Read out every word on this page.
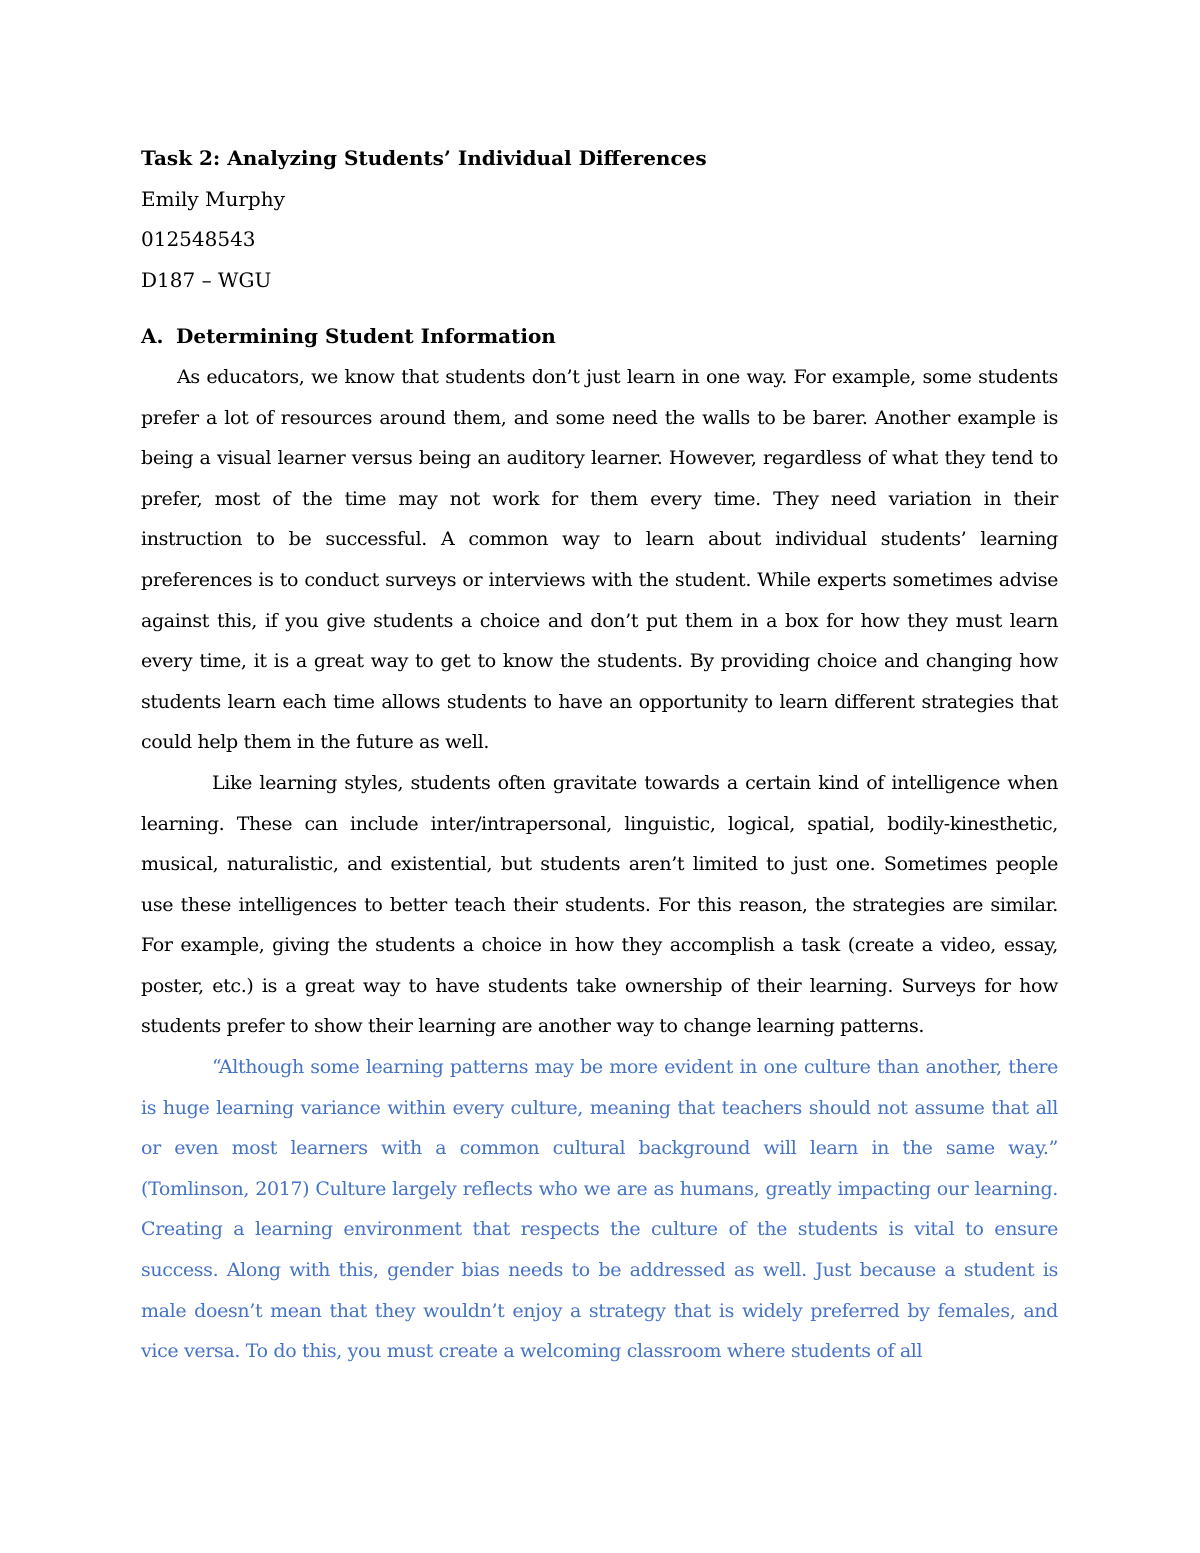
Task 2: Analyzing Students’ Individual Differences

Emily Murphy

012548543

D187 – WGU

A. Determining Student Information

As educators, we know that students don’t just learn in one way. For example, some students prefer a lot of resources around them, and some need the walls to be barer. Another example is being a visual learner versus being an auditory learner. However, regardless of what they tend to prefer, most of the time may not work for them every time. They need variation in their instruction to be successful. A common way to learn about individual students’ learning preferences is to conduct surveys or interviews with the student. While experts sometimes advise against this, if you give students a choice and don’t put them in a box for how they must learn every time, it is a great way to get to know the students. By providing choice and changing how students learn each time allows students to have an opportunity to learn different strategies that could help them in the future as well.

Like learning styles, students often gravitate towards a certain kind of intelligence when learning. These can include inter/intrapersonal, linguistic, logical, spatial, bodily-kinesthetic, musical, naturalistic, and existential, but students aren’t limited to just one. Sometimes people use these intelligences to better teach their students. For this reason, the strategies are similar. For example, giving the students a choice in how they accomplish a task (create a video, essay, poster, etc.) is a great way to have students take ownership of their learning. Surveys for how students prefer to show their learning are another way to change learning patterns.

“Although some learning patterns may be more evident in one culture than another, there is huge learning variance within every culture, meaning that teachers should not assume that all or even most learners with a common cultural background will learn in the same way.” (Tomlinson, 2017) Culture largely reflects who we are as humans, greatly impacting our learning. Creating a learning environment that respects the culture of the students is vital to ensure success. Along with this, gender bias needs to be addressed as well. Just because a student is male doesn’t mean that they wouldn’t enjoy a strategy that is widely preferred by females, and vice versa. To do this, you must create a welcoming classroom where students of all
